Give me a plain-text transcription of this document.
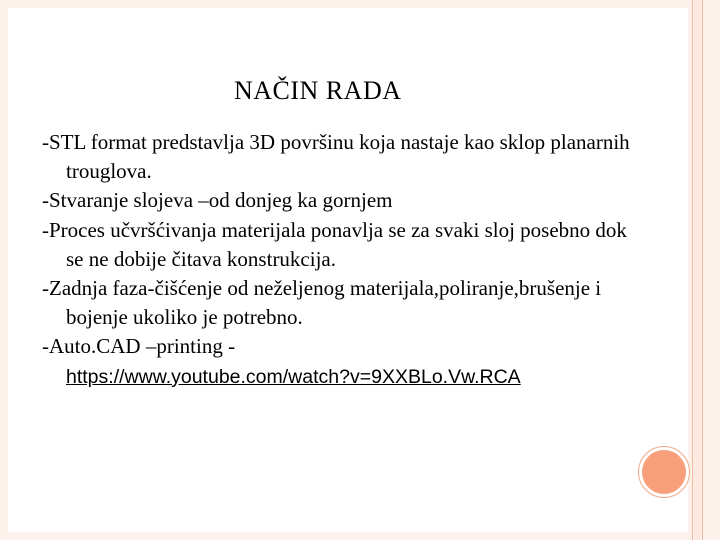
NAČIN RADA

-STL format predstavlja 3D površinu koja nastaje kao sklop planarnih trouglova.

-Stvaranje slojeva –od donjeg ka gornjem

-Proces učvršćivanja materijala ponavlja se za svaki sloj posebno dok se ne dobije čitava konstrukcija.

-Zadnja faza-čišćenje od neželjenog materijala,poliranje,brušenje i bojenje ukoliko je potrebno.

-Auto.CAD –printing -
https://www.youtube.com/watch?v=9XXBLo.Vw.RCA
